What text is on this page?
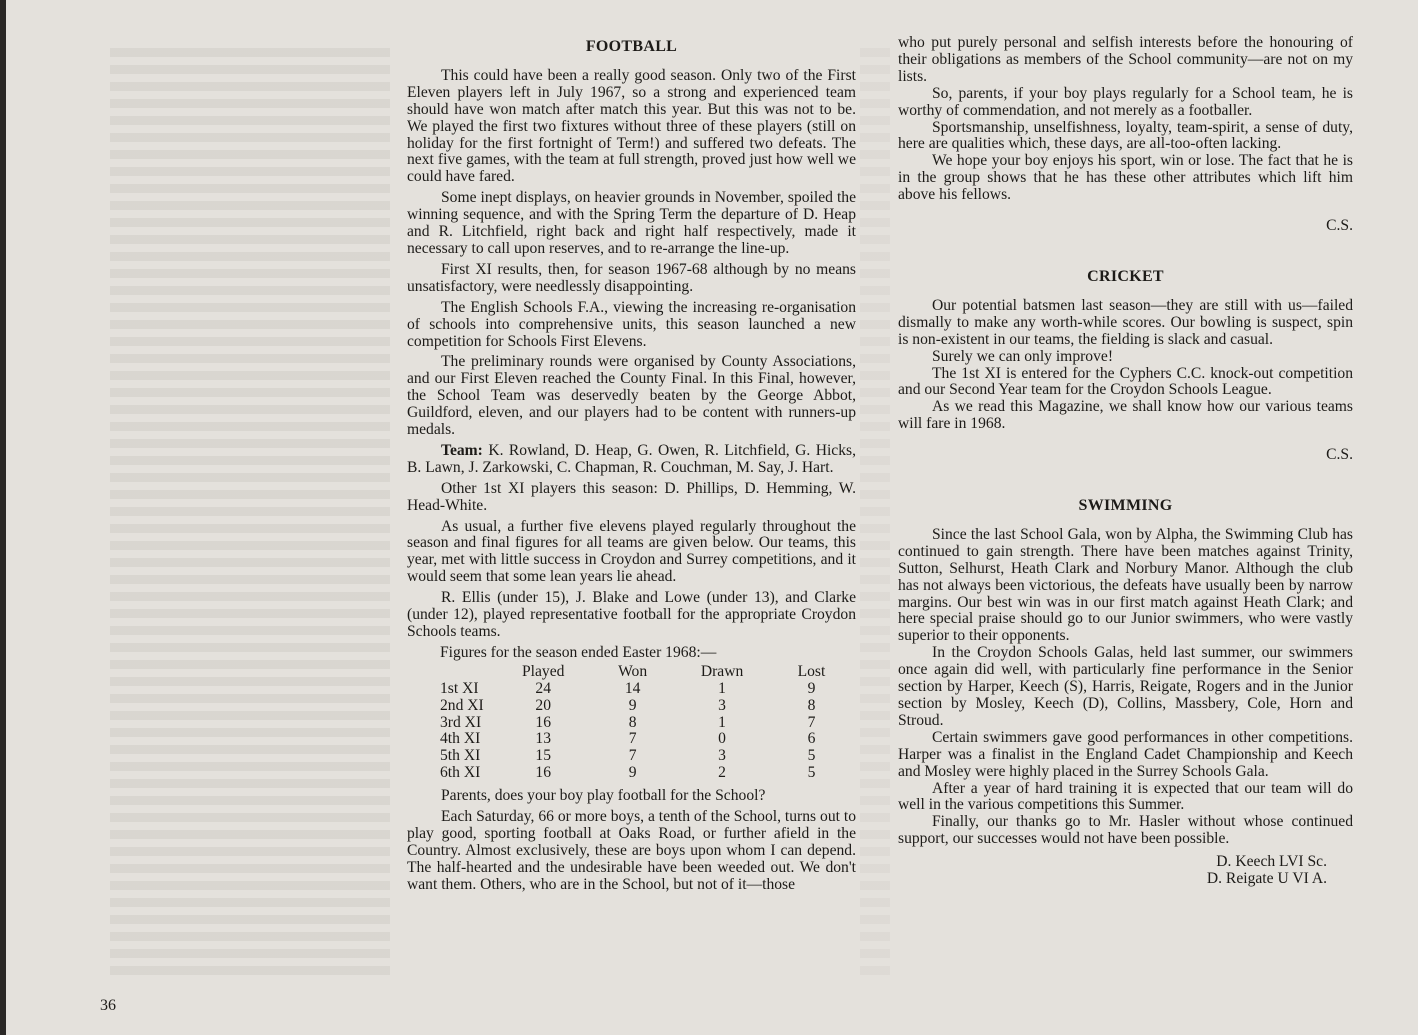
FOOTBALL

This could have been a really good season. Only two of the First Eleven players left in July 1967, so a strong and experienced team should have won match after match this year. But this was not to be. We played the first two fixtures without three of these players (still on holiday for the first fortnight of Term!) and suffered two defeats. The next five games, with the team at full strength, proved just how well we could have fared.

Some inept displays, on heavier grounds in November, spoiled the winning sequence, and with the Spring Term the departure of D. Heap and R. Litchfield, right back and right half respectively, made it necessary to call upon reserves, and to re-arrange the line-up.

First XI results, then, for season 1967-68 although by no means unsatisfactory, were needlessly disappointing.

The English Schools F.A., viewing the increasing re-organisation of schools into comprehensive units, this season launched a new competition for Schools First Elevens.

The preliminary rounds were organised by County Associations, and our First Eleven reached the County Final. In this Final, however, the School Team was deservedly beaten by the George Abbot, Guildford, eleven, and our players had to be content with runners-up medals.

Team: K. Rowland, D. Heap, G. Owen, R. Litchfield, G. Hicks, B. Lawn, J. Zarkowski, C. Chapman, R. Couchman, M. Say, J. Hart.

Other 1st XI players this season: D. Phillips, D. Hemming, W. Head-White.

As usual, a further five elevens played regularly throughout the season and final figures for all teams are given below. Our teams, this year, met with little success in Croydon and Surrey competitions, and it would seem that some lean years lie ahead.

R. Ellis (under 15), J. Blake and Lowe (under 13), and Clarke (under 12), played representative football for the appropriate Croydon Schools teams.

Figures for the season ended Easter 1968:—
	Played	Won	Drawn	Lost
1st XI	24	14	1	9
2nd XI	20	9	3	8
3rd XI	16	8	1	7
4th XI	13	7	0	6
5th XI	15	7	3	5
6th XI	16	9	2	5

Parents, does your boy play football for the School?

Each Saturday, 66 or more boys, a tenth of the School, turns out to play good, sporting football at Oaks Road, or further afield in the Country. Almost exclusively, these are boys upon whom I can depend. The half-hearted and the undesirable have been weeded out. We don't want them. Others, who are in the School, but not of it—those

who put purely personal and selfish interests before the honouring of their obligations as members of the School community—are not on my lists.

So, parents, if your boy plays regularly for a School team, he is worthy of commendation, and not merely as a footballer.

Sportsmanship, unselfishness, loyalty, team-spirit, a sense of duty, here are qualities which, these days, are all-too-often lacking.

We hope your boy enjoys his sport, win or lose. The fact that he is in the group shows that he has these other attributes which lift him above his fellows.

C.S.

CRICKET

Our potential batsmen last season—they are still with us—failed dismally to make any worth-while scores. Our bowling is suspect, spin is non-existent in our teams, the fielding is slack and casual.

Surely we can only improve!

The 1st XI is entered for the Cyphers C.C. knock-out competition and our Second Year team for the Croydon Schools League.

As we read this Magazine, we shall know how our various teams will fare in 1968.

C.S.

SWIMMING

Since the last School Gala, won by Alpha, the Swimming Club has continued to gain strength. There have been matches against Trinity, Sutton, Selhurst, Heath Clark and Norbury Manor. Although the club has not always been victorious, the defeats have usually been by narrow margins. Our best win was in our first match against Heath Clark; and here special praise should go to our Junior swimmers, who were vastly superior to their opponents.

In the Croydon Schools Galas, held last summer, our swimmers once again did well, with particularly fine performance in the Senior section by Harper, Keech (S), Harris, Reigate, Rogers and in the Junior section by Mosley, Keech (D), Collins, Massbery, Cole, Horn and Stroud.

Certain swimmers gave good performances in other competitions. Harper was a finalist in the England Cadet Championship and Keech and Mosley were highly placed in the Surrey Schools Gala.

After a year of hard training it is expected that our team will do well in the various competitions this Summer.

Finally, our thanks go to Mr. Hasler without whose continued support, our successes would not have been possible.

D. Keech LVI Sc.

D. Reigate U VI A.

36
